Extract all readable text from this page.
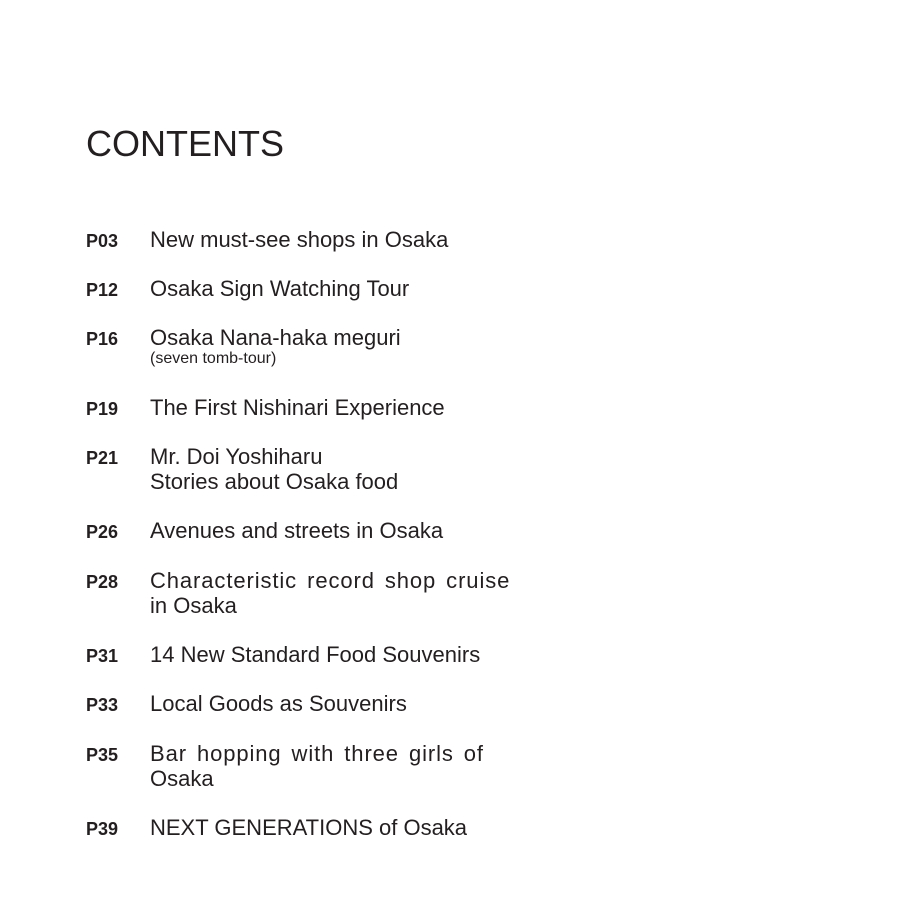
CONTENTS
P03 New must-see shops in Osaka
P12 Osaka Sign Watching Tour
P16 Osaka Nana-haka meguri
(seven tomb-tour)
P19 The First Nishinari Experience
P21 Mr. Doi Yoshiharu
Stories about Osaka food
P26 Avenues and streets in Osaka
P28 Characteristic record shop cruise
in Osaka
P31 14 New Standard Food Souvenirs
P33 Local Goods as Souvenirs
P35 Bar hopping with three girls of
Osaka
P39 NEXT GENERATIONS of Osaka
